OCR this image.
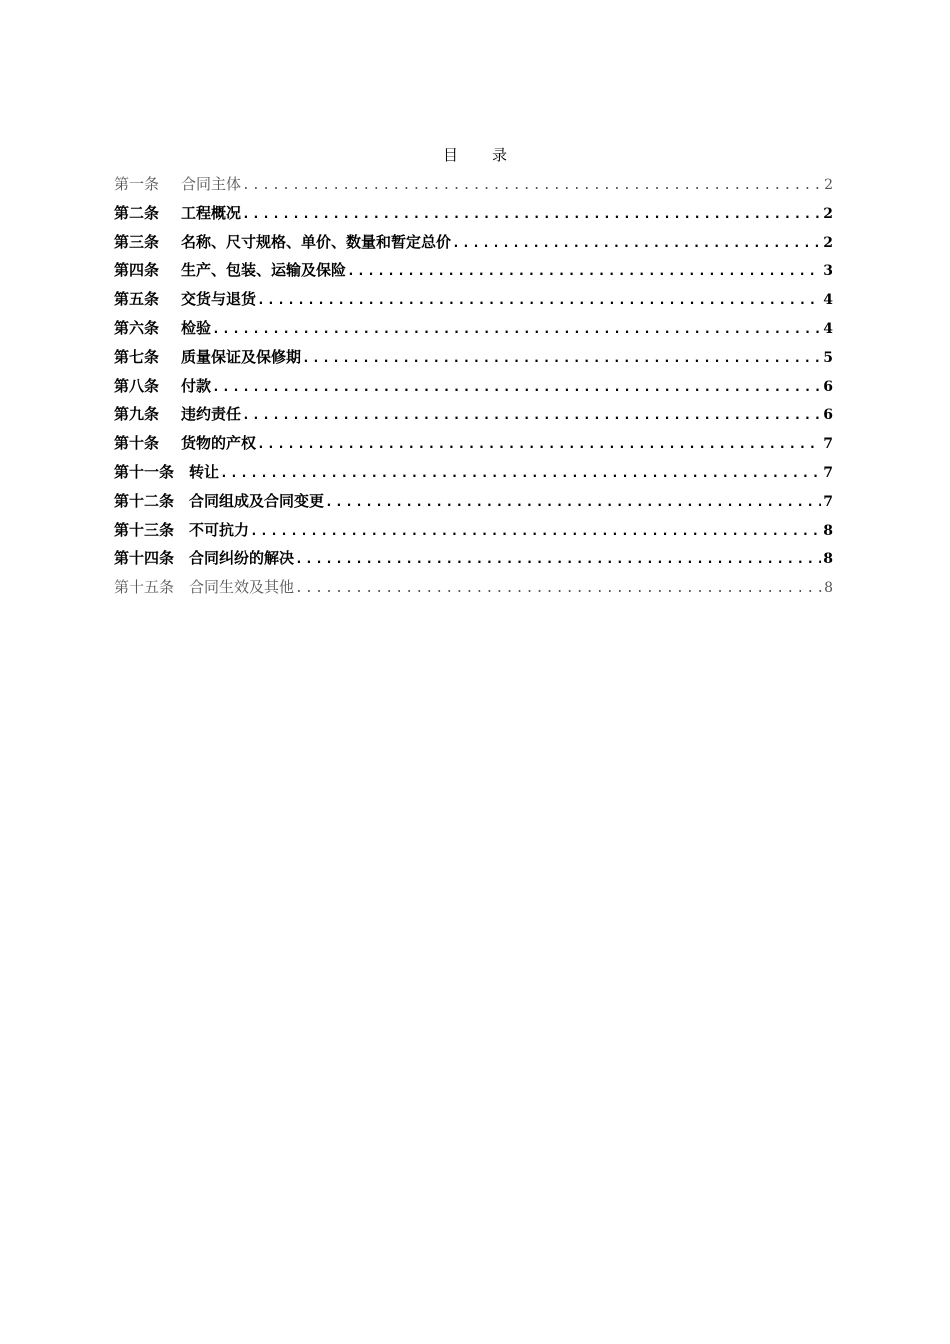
目 录
第一条	合同主体 .....	2
第二条	工程概况 .....	2
第三条	名称、尺寸规格、单价、数量和暂定总价 .....	2
第四条	生产、包装、运输及保险 .....	3
第五条	交货与退货 .....	4
第六条	检验 .....	4
第七条	质量保证及保修期 .....	5
第八条	付款 .....	6
第九条	违约责任 .....	6
第十条	货物的产权 .....	7
第十一条 转让 .....	7
第十二条 合同组成及合同变更 .....	7
第十三条 不可抗力 .....	8
第十四条 合同纠纷的解决 .....	8
第十五条 合同生效及其他 .....	8
